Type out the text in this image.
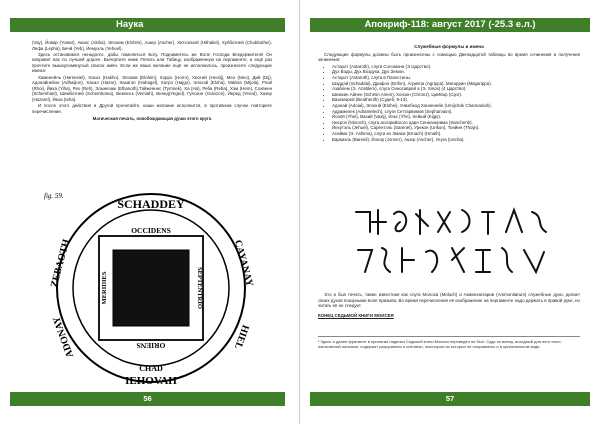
Наука

(Vay), Йовар (Yowar), Акиос (Akiha), Элохим (Elohim), Ашер (Ascher), Хитхэлиой (Hithaliel), Хубботней (Chubbothei), Лефа (Lepha), Бичй (Yeb), Йемуэль (Yehuel).

Здесь остановимся ненадолго, дабы помолиться Богу. Поднимитесь же Воле Господа Вседержителя! Он направит вас по лучшей дороге. Вычертите ниже Печать или Табицу, изображённую на пергаменте, и ещё раз прочтите вышеупомянутый список имён. Если же ваше желание ещё не исполнилось, произнесите следующие имена:

Хаменейль (Hamneiel), Хахох (Hakho), Элохим (Elohim), Хорро (Horro), Хеотий (Heotij), Мео (Meo), Дий (Dij), Адонайнейон (Adhaijion), Хахал (Hazar), Хахагэл (Hahagel), Хатро (Hajgo), Элохэй (Eloha), Мийла (Mijola), Рхой (Rhoi), Йиха (Yiha), Рех (Reh), Эльжнэаж (Elhanoth),Тайженнес (Tyrnnek), Ха (Ha), Реба (Reba), Хэм (Hem), Сохвенн (Schemhael), Шемботней (Schembotea), Вемонск (Vemiah), Венед(Yeged), Гулозон (Gulozon), Йеред (Yered), Хазер (Hazarel), Йеха (Ieha).

И после этого действия и Другой прочитайте, каши желание исполнится, в противном случае повторите перечисление.

Магическая печать, освобождающая души этого круга
fig. 59.
SCHADDEY
IEHOVAH
CAYANAY
HIEL
ZEBAOTH
ADONAY
OCCIDENS
ORIENS
SEPTENTRIO
MERIDIES
CHAD
56
Апокриф-118: август 2017 (-25.3 е.л.)
Служебные формулы и имена

Следующие формулы должны быть произнесены с помощью Двенадцатой таблицы во время сочинения и получения зачинения:

• Астарот (Astaroth), слуга Соломона (Э Царство).
• Дух Воды, Дух Воздуха, Дух Земли.
• Астарот (Astaroth), слуга в Палестины.
• Шэддэй (Schaddai), Дрифон (Drifon), Агриппа (Agrippa), Магаррин (Magarippa).
• Азаблем (Э. Azablem), слуга Синосаврей а (Э. Sinos) (4 Царство).
• Шемхин Айнен (Schmin Amen), Хонзон (Chronz), ЦиИйор (Cijor).
• Вахемэрей (Beatherith) (Судеб, 9-13).
• Адонай (Adoiai), Элохнй (Elohei), Ун&ебкод Хонненейн (Umijchde Channaniah).
• Адрамелек (Adramelech), слуги Сеттарвимов (Sepharvaim).
• Йоэлй (Yhel), Вахий (Vaxij), Йэкс (Yhn), Хейшй (Kijgs).
• Нисрох (Nisroch), слуга ассирийского царя Сеннахерима (Sanchenb).
• Йехутэль (Jehuel), Сарентэль (Sarenel), Урекон (Urikon), Тонйин (Thoijn).
• Асийма (Э. Ashima), слуги из Эмахи (Emach) (Hmath).
• Баркиэль (Bareiel), Йонэр (Jonner), Ашер (Ascher), Уеуга (Uscha).

Это и был печать, также известная как слуга Молоха (Moloch) и Аммоннитарии (Ammonitarum) служебные духи, делает своих духов покорными воле призыва. Во время перечисления её изображение на пергаменте надо держать в правой руке, но читать её не следует.

КОНЕЦ СЕДЬМОЙ КНИГИ МОИСЕЯ

¹ Здесь и далее фрагмент в принятии надписи Седьмой книги Моисея переведён не был. Судя по всему, исходный для него текст, написанный латынью, содержит разрушения и опечатки, некоторые из которых не поправлены и в оригинальном виде.
57
